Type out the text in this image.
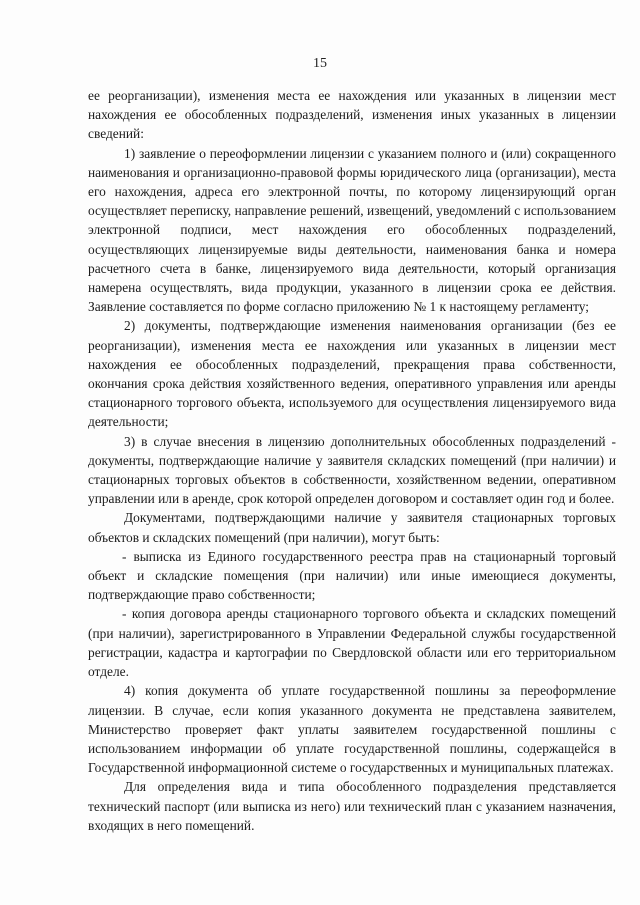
15

ее реорганизации), изменения места ее нахождения или указанных в лицензии мест нахождения ее обособленных подразделений, изменения иных указанных в лицензии сведений:

1) заявление о переоформлении лицензии с указанием полного и (или) сокращенного наименования и организационно-правовой формы юридического лица (организации), места его нахождения, адреса его электронной почты, по которому лицензирующий орган осуществляет переписку, направление решений, извещений, уведомлений с использованием электронной подписи, мест нахождения его обособленных подразделений, осуществляющих лицензируемые виды деятельности, наименования банка и номера расчетного счета в банке, лицензируемого вида деятельности, который организация намерена осуществлять, вида продукции, указанного в лицензии срока ее действия. Заявление составляется по форме согласно приложению № 1 к настоящему регламенту;

2) документы, подтверждающие изменения наименования организации (без ее реорганизации), изменения места ее нахождения или указанных в лицензии мест нахождения ее обособленных подразделений, прекращения права собственности, окончания срока действия хозяйственного ведения, оперативного управления или аренды стационарного торгового объекта, используемого для осуществления лицензируемого вида деятельности;

3) в случае внесения в лицензию дополнительных обособленных подразделений - документы, подтверждающие наличие у заявителя складских помещений (при наличии) и стационарных торговых объектов в собственности, хозяйственном ведении, оперативном управлении или в аренде, срок которой определен договором и составляет один год и более.

Документами, подтверждающими наличие у заявителя стационарных торговых объектов и складских помещений (при наличии), могут быть:

- выписка из Единого государственного реестра прав на стационарный торговый объект и складские помещения (при наличии) или иные имеющиеся документы, подтверждающие право собственности;

- копия договора аренды стационарного торгового объекта и складских помещений (при наличии), зарегистрированного в Управлении Федеральной службы государственной регистрации, кадастра и картографии по Свердловской области или его территориальном отделе.

4) копия документа об уплате государственной пошлины за переоформление лицензии. В случае, если копия указанного документа не представлена заявителем, Министерство проверяет факт уплаты заявителем государственной пошлины с использованием информации об уплате государственной пошлины, содержащейся в Государственной информационной системе о государственных и муниципальных платежах.

Для определения вида и типа обособленного подразделения представляется технический паспорт (или выписка из него) или технический план с указанием назначения, входящих в него помещений.
